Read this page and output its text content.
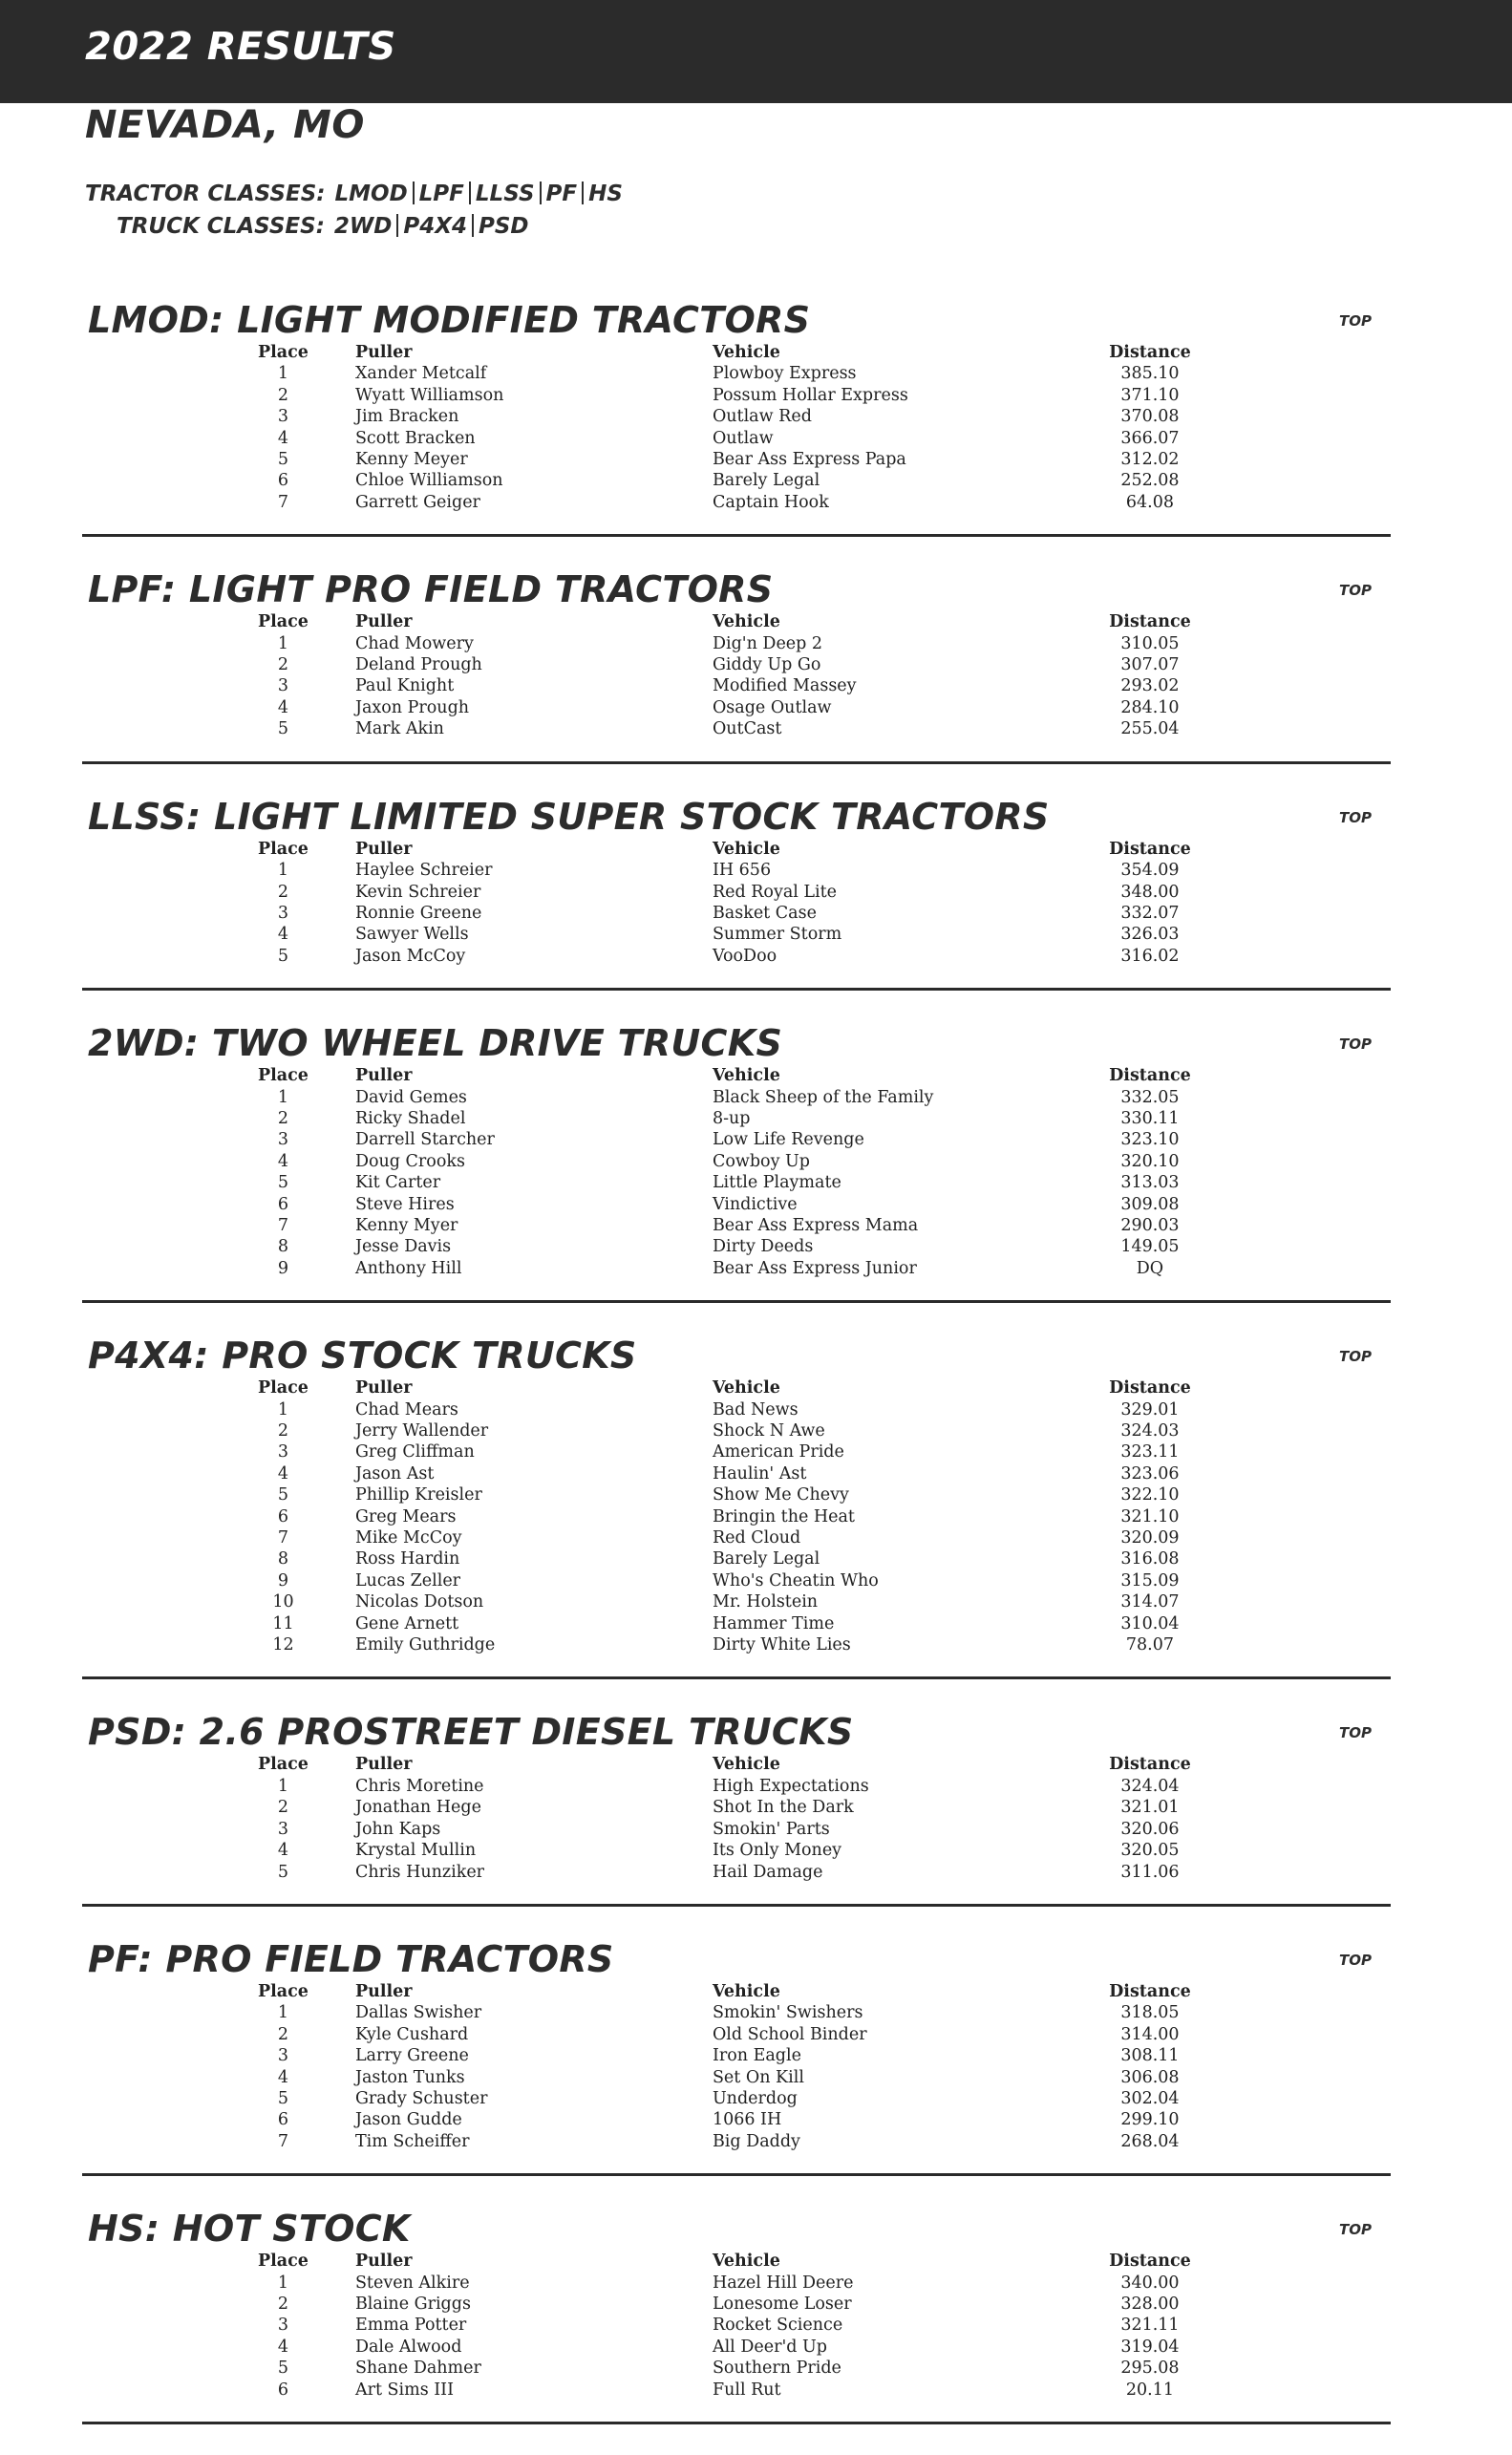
2022 RESULTS
NEVADA, MO
TRACTOR CLASSES: LMOD LPF LLSS PF HS
TRUCK CLASSES: 2WD P4X4 PSD
LMOD: LIGHT MODIFIED TRACTORS	TOP
Place		Puller	Vehicle	Distance
1		Xander Metcalf	Plowboy Express	385.10
2		Wyatt Williamson	Possum Hollar Express	371.10
3		Jim Bracken	Outlaw Red	370.08
4		Scott Bracken	Outlaw	366.07
5		Kenny Meyer	Bear Ass Express Papa	312.02
6		Chloe Williamson	Barely Legal	252.08
7		Garrett Geiger	Captain Hook	64.08
LPF: LIGHT PRO FIELD TRACTORS	TOP
Place		Puller	Vehicle	Distance
1		Chad Mowery	Dig'n Deep 2	310.05
2		Deland Prough	Giddy Up Go	307.07
3		Paul Knight	Modified Massey	293.02
4		Jaxon Prough	Osage Outlaw	284.10
5		Mark Akin	OutCast	255.04
LLSS: LIGHT LIMITED SUPER STOCK TRACTORS	TOP
Place		Puller	Vehicle	Distance
1		Haylee Schreier	IH 656	354.09
2		Kevin Schreier	Red Royal Lite	348.00
3		Ronnie Greene	Basket Case	332.07
4		Sawyer Wells	Summer Storm	326.03
5		Jason McCoy	VooDoo	316.02
2WD: TWO WHEEL DRIVE TRUCKS	TOP
Place		Puller	Vehicle	Distance
1		David Gemes	Black Sheep of the Family	332.05
2		Ricky Shadel	8-up	330.11
3		Darrell Starcher	Low Life Revenge	323.10
4		Doug Crooks	Cowboy Up	320.10
5		Kit Carter	Little Playmate	313.03
6		Steve Hires	Vindictive	309.08
7		Kenny Myer	Bear Ass Express Mama	290.03
8		Jesse Davis	Dirty Deeds	149.05
9		Anthony Hill	Bear Ass Express Junior	DQ
P4X4: PRO STOCK TRUCKS	TOP
Place		Puller	Vehicle	Distance
1		Chad Mears	Bad News	329.01
2		Jerry Wallender	Shock N Awe	324.03
3		Greg Cliffman	American Pride	323.11
4		Jason Ast	Haulin' Ast	323.06
5		Phillip Kreisler	Show Me Chevy	322.10
6		Greg Mears	Bringin the Heat	321.10
7		Mike McCoy	Red Cloud	320.09
8		Ross Hardin	Barely Legal	316.08
9		Lucas Zeller	Who's Cheatin Who	315.09
10		Nicolas Dotson	Mr. Holstein	314.07
11		Gene Arnett	Hammer Time	310.04
12		Emily Guthridge	Dirty White Lies	78.07
PSD: 2.6 PROSTREET DIESEL TRUCKS	TOP
Place		Puller	Vehicle	Distance
1		Chris Moretine	High Expectations	324.04
2		Jonathan Hege	Shot In the Dark	321.01
3		John Kaps	Smokin' Parts	320.06
4		Krystal Mullin	Its Only Money	320.05
5		Chris Hunziker	Hail Damage	311.06
PF: PRO FIELD TRACTORS	TOP
Place		Puller	Vehicle	Distance
1		Dallas Swisher	Smokin' Swishers	318.05
2		Kyle Cushard	Old School Binder	314.00
3		Larry Greene	Iron Eagle	308.11
4		Jaston Tunks	Set On Kill	306.08
5		Grady Schuster	Underdog	302.04
6		Jason Gudde	1066 IH	299.10
7		Tim Scheiffer	Big Daddy	268.04
HS: HOT STOCK	TOP
Place		Puller	Vehicle	Distance
1		Steven Alkire	Hazel Hill Deere	340.00
2		Blaine Griggs	Lonesome Loser	328.00
3		Emma Potter	Rocket Science	321.11
4		Dale Alwood	All Deer'd Up	319.04
5		Shane Dahmer	Southern Pride	295.08
6		Art Sims III	Full Rut	20.11
